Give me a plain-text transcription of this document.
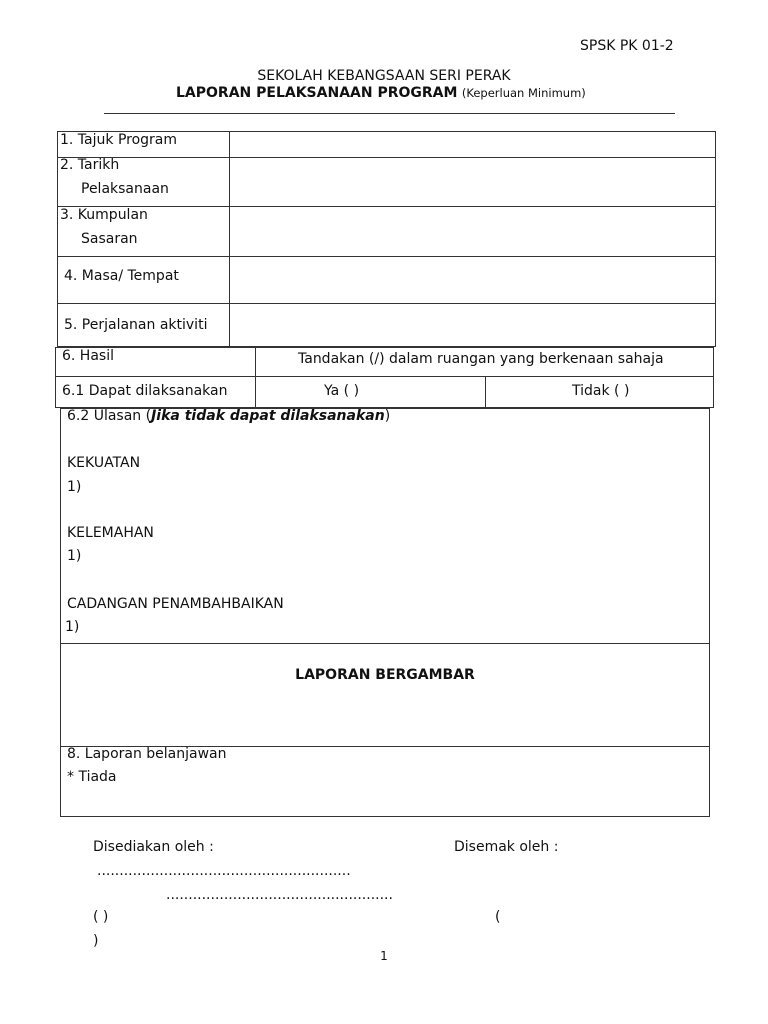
SPSK PK 01-2
SEKOLAH KEBANGSAAN SERI PERAK
LAPORAN PELAKSANAAN PROGRAM (Keperluan Minimum)
1. Tajuk Program
2. Tarikh
Pelaksanaan
3. Kumpulan
Sasaran
4. Masa/ Tempat
5. Perjalanan aktiviti
6. Hasil	Tandakan (/) dalam ruangan yang berkenaan sahaja
6.1 Dapat dilaksanakan	Ya ( )	Tidak ( )
6.2 Ulasan (Jika tidak dapat dilaksanakan)
KEKUATAN
1)
KELEMAHAN
1)
CADANGAN PENAMBAHBAIKAN
1)
LAPORAN BERGAMBAR
8. Laporan belanjawan
* Tiada
Disediakan oleh :	Disemak oleh :
.........................................................
...................................................
( )	(
)
1
